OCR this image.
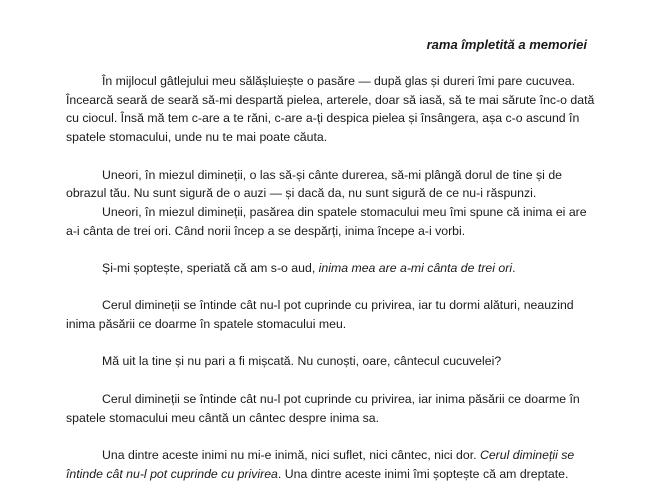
rama împletită a memoriei

În mijlocul gâtlejului meu sălășluiește o pasăre — după glas și dureri îmi pare cucuvea. Încearcă seară de seară să-mi despartă pielea, arterele, doar să iasă, să te mai sărute înc-o dată cu ciocul. Însă mă tem c-are a te răni, c-are a-ți despica pielea și însângera, așa c-o ascund în spatele stomacului, unde nu te mai poate căuta.

Uneori, în miezul dimineții, o las să-și cânte durerea, să-mi plângă dorul de tine și de obrazul tău. Nu sunt sigură de o auzi — și dacă da, nu sunt sigură de ce nu-i răspunzi.

Uneori, în miezul dimineții, pasărea din spatele stomacului meu îmi spune că inima ei are a-i cânta de trei ori. Când norii încep a se despărți, inima începe a-i vorbi.

Și-mi șoptește, speriată că am s-o aud, inima mea are a-mi cânta de trei ori.

Cerul dimineții se întinde cât nu-l pot cuprinde cu privirea, iar tu dormi alături, neauzind inima păsării ce doarme în spatele stomacului meu.

Mă uit la tine și nu pari a fi mișcată. Nu cunoști, oare, cântecul cucuvelei?

Cerul dimineții se întinde cât nu-l pot cuprinde cu privirea, iar inima păsării ce doarme în spatele stomacului meu cântă un cântec despre inima sa.

Una dintre aceste inimi nu mi-e inimă, nici suflet, nici cântec, nici dor. Cerul dimineții se întinde cât nu-l pot cuprinde cu privirea. Una dintre aceste inimi îmi șoptește că am dreptate.
